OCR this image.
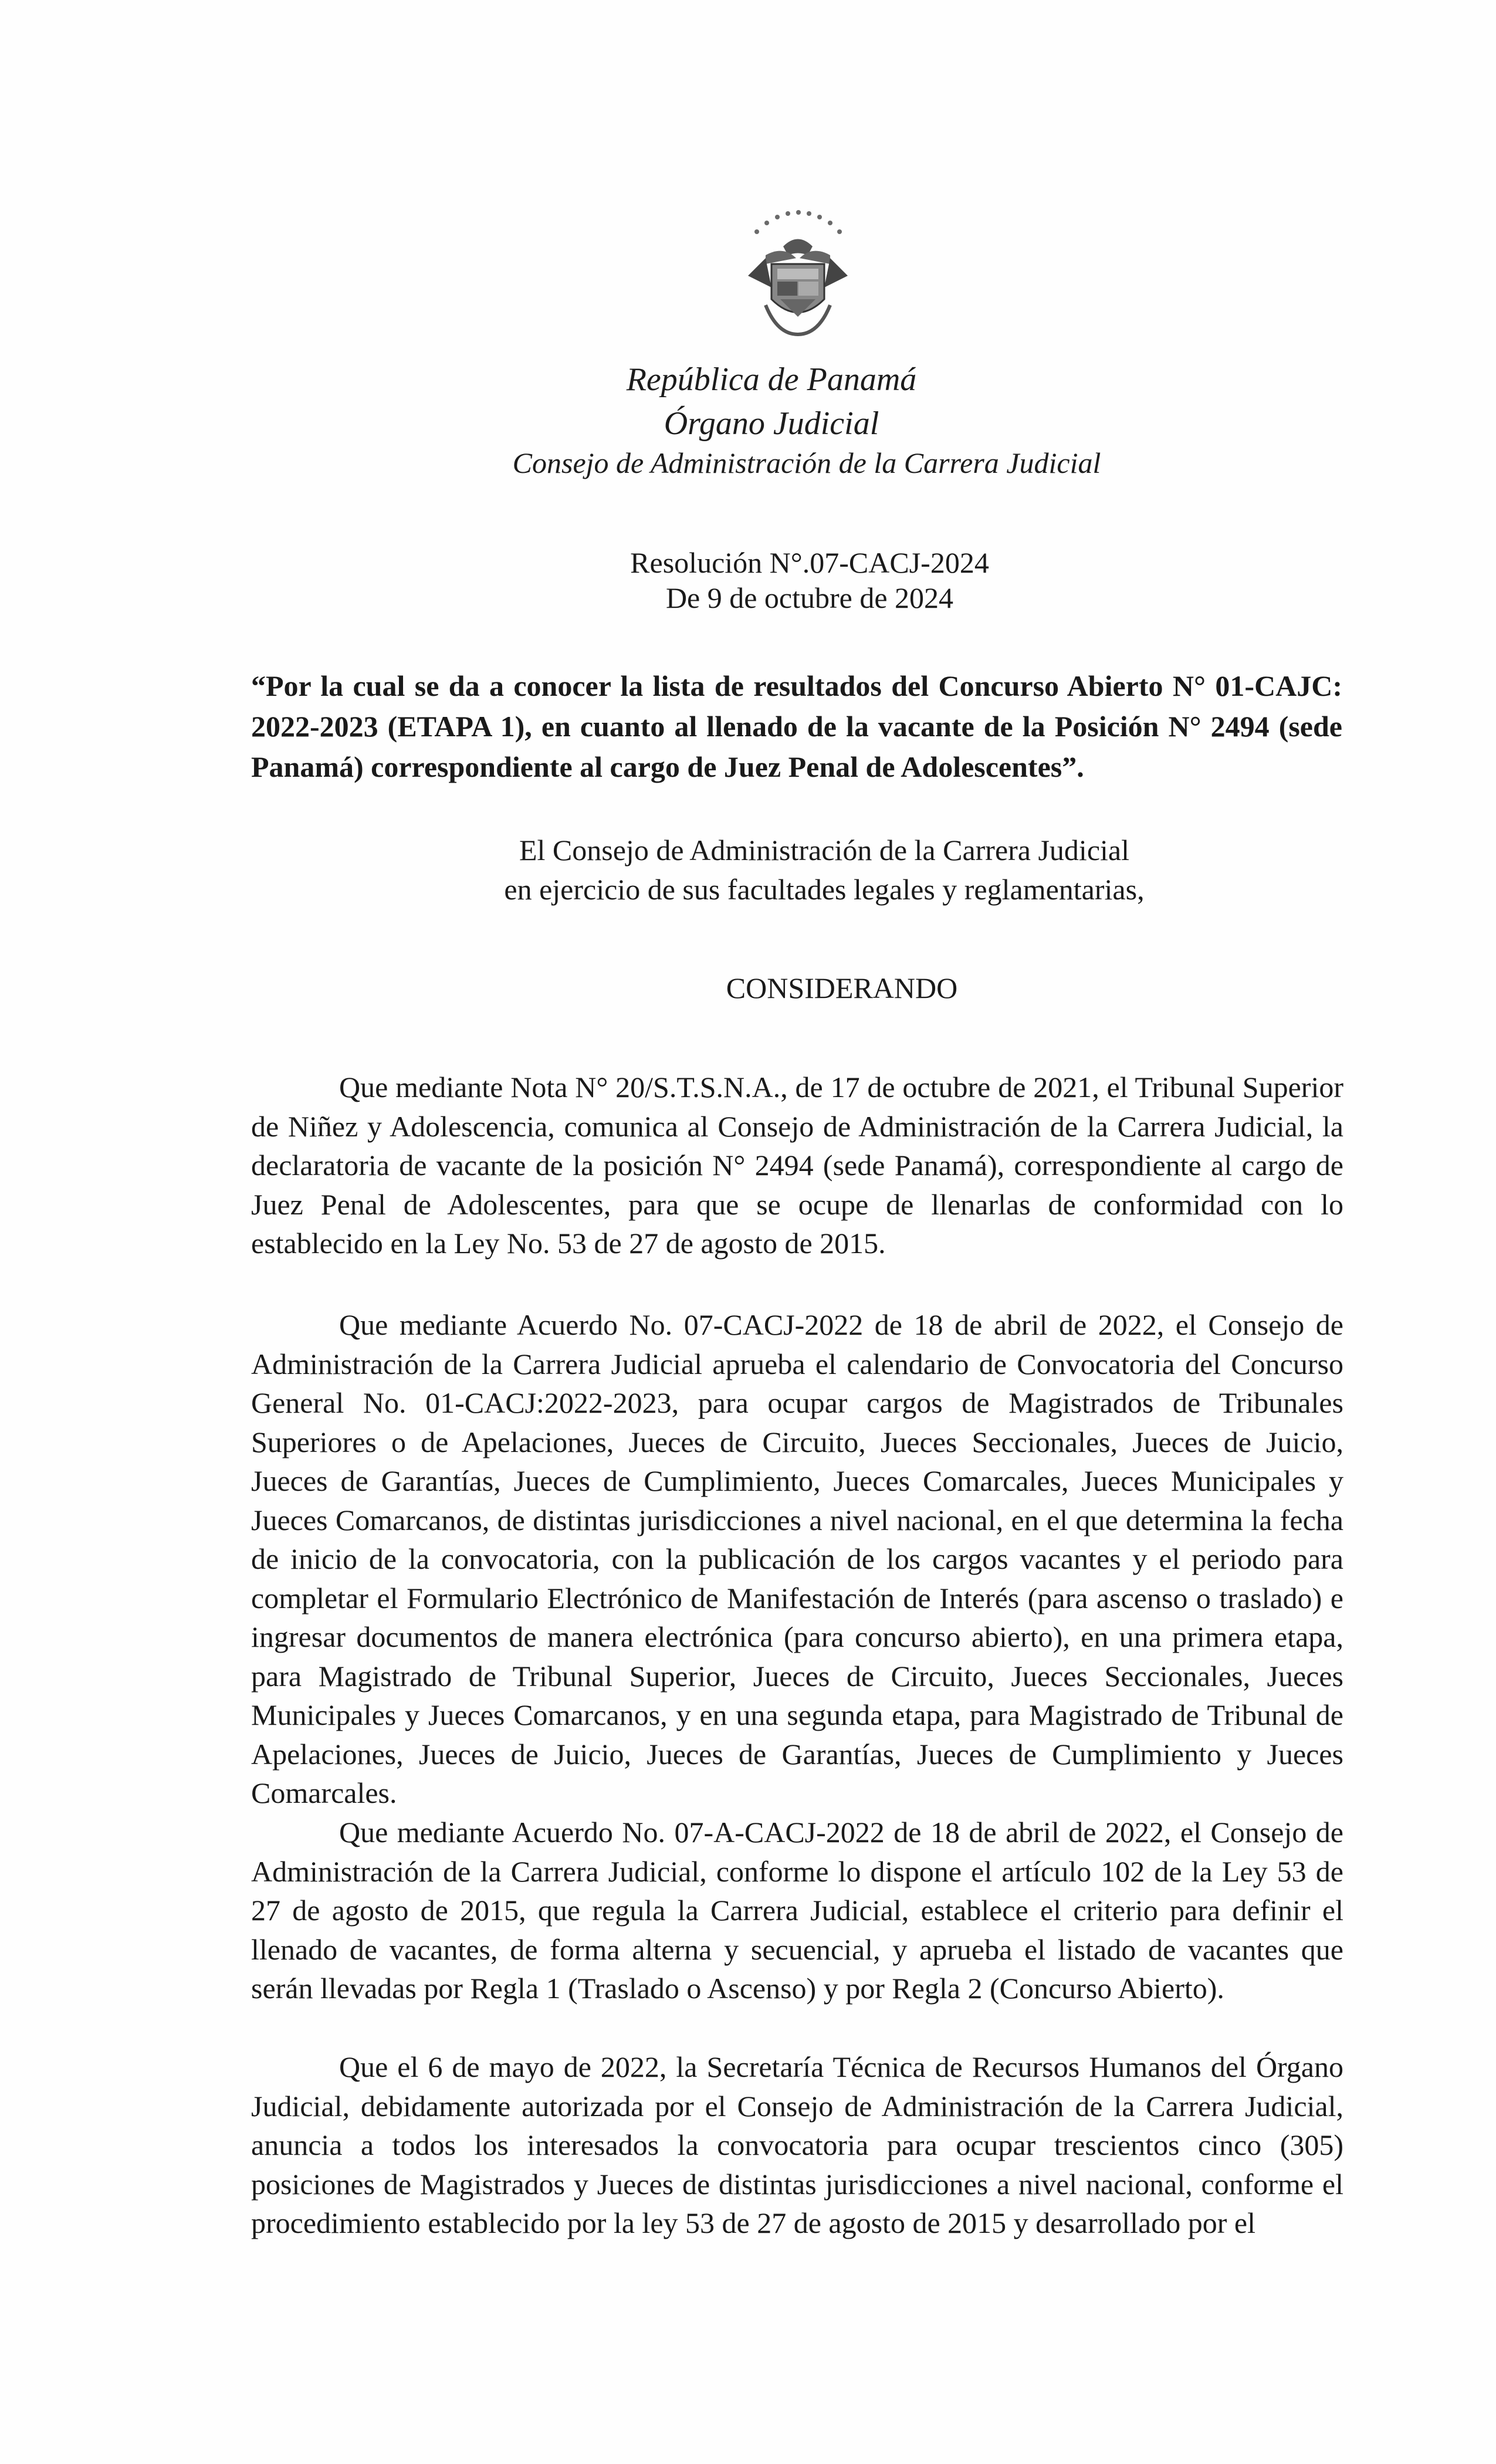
República de Panamá
Órgano Judicial
Consejo de Administración de la Carrera Judicial
Resolución N°.07-CACJ-2024
De 9 de octubre de 2024
“Por la cual se da a conocer la lista de resultados del Concurso Abierto N° 01-CAJC: 2022-2023 (ETAPA 1), en cuanto al llenado de la vacante de la Posición N° 2494 (sede Panamá) correspondiente al cargo de Juez Penal de Adolescentes”.
El Consejo de Administración de la Carrera Judicial
en ejercicio de sus facultades legales y reglamentarias,
CONSIDERANDO

Que mediante Nota N° 20/S.T.S.N.A., de 17 de octubre de 2021, el Tribunal Superior de Niñez y Adolescencia, comunica al Consejo de Administración de la Carrera Judicial, la declaratoria de vacante de la posición N° 2494 (sede Panamá), correspondiente al cargo de Juez Penal de Adolescentes, para que se ocupe de llenarlas de conformidad con lo establecido en la Ley No. 53 de 27 de agosto de 2015.

Que mediante Acuerdo No. 07-CACJ-2022 de 18 de abril de 2022, el Consejo de Administración de la Carrera Judicial aprueba el calendario de Convocatoria del Concurso General No. 01-CACJ:2022-2023, para ocupar cargos de Magistrados de Tribunales Superiores o de Apelaciones, Jueces de Circuito, Jueces Seccionales, Jueces de Juicio, Jueces de Garantías, Jueces de Cumplimiento, Jueces Comarcales, Jueces Municipales y Jueces Comarcanos, de distintas jurisdicciones a nivel nacional, en el que determina la fecha de inicio de la convocatoria, con la publicación de los cargos vacantes y el periodo para completar el Formulario Electrónico de Manifestación de Interés (para ascenso o traslado) e ingresar documentos de manera electrónica (para concurso abierto), en una primera etapa, para Magistrado de Tribunal Superior, Jueces de Circuito, Jueces Seccionales, Jueces Municipales y Jueces Comarcanos, y en una segunda etapa, para Magistrado de Tribunal de Apelaciones, Jueces de Juicio, Jueces de Garantías, Jueces de Cumplimiento y Jueces Comarcales.

Que mediante Acuerdo No. 07-A-CACJ-2022 de 18 de abril de 2022, el Consejo de Administración de la Carrera Judicial, conforme lo dispone el artículo 102 de la Ley 53 de 27 de agosto de 2015, que regula la Carrera Judicial, establece el criterio para definir el llenado de vacantes, de forma alterna y secuencial, y aprueba el listado de vacantes que serán llevadas por Regla 1 (Traslado o Ascenso) y por Regla 2 (Concurso Abierto).

Que el 6 de mayo de 2022, la Secretaría Técnica de Recursos Humanos del Órgano Judicial, debidamente autorizada por el Consejo de Administración de la Carrera Judicial, anuncia a todos los interesados la convocatoria para ocupar trescientos cinco (305) posiciones de Magistrados y Jueces de distintas jurisdicciones a nivel nacional, conforme el procedimiento establecido por la ley 53 de 27 de agosto de 2015 y desarrollado por el
